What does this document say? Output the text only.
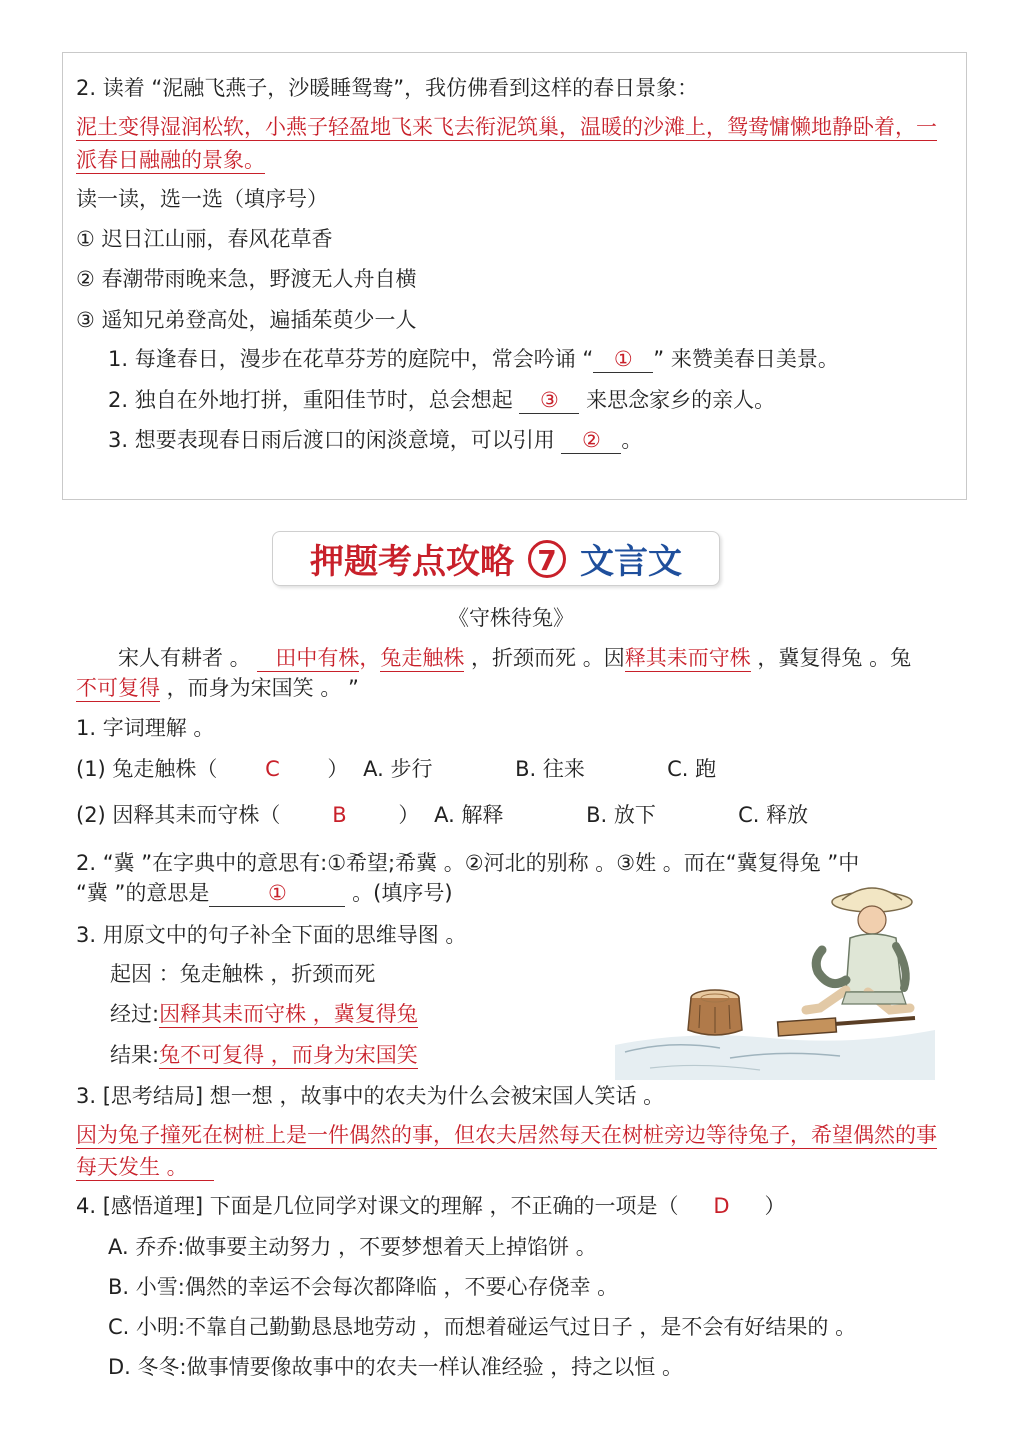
2. 读着 “泥融飞燕子，沙暖睡鸳鸯”，我仿佛看到这样的春日景象：
泥土变得湿润松软，小燕子轻盈地飞来飞去衔泥筑巢，温暖的沙滩上，鸳鸯慵懒地静卧着，一
派春日融融的景象。
读一读，选一选（填序号）
① 迟日江山丽，春风花草香
② 春潮带雨晚来急，野渡无人舟自横
③ 遥知兄弟登高处，遍插茱萸少一人
1. 每逢春日，漫步在花草芬芳的庭院中，常会吟诵 “ ① ” 来赞美春日美景。
2. 独自在外地打拼，重阳佳节时，总会想起 ③ 来思念家乡的亲人。
3. 想要表现春日雨后渡口的闲淡意境，可以引用 ② 。
押题考点攻略 7 文言文
《守株待兔》
宋人有耕者 。 田中有株，兔走触株 ，折颈而死 。因释其耒而守株 ，冀复得兔 。兔
不可复得 ，而身为宋国笑 。 ”
1. 字词理解 。
(1) 兔走触株（ C ） A. 步行	B. 往来	C. 跑
(2) 因释其耒而守株（ B ） A. 解释	B. 放下	C. 释放
2. “冀 ”在字典中的意思有:①希望;希冀 。②河北的别称 。③姓 。而在“冀复得兔 ”中
“冀 ”的意思是	①	。(填序号)
3. 用原文中的句子补全下面的思维导图 。
起因 ：兔走触株 ，折颈而死
经过:因释其耒而守株 ，冀复得兔
结果:兔不可复得 ，而身为宋国笑
3. [思考结局] 想一想 ，故事中的农夫为什么会被宋国人笑话 。
因为兔子撞死在树桩上是一件偶然的事，但农夫居然每天在树桩旁边等待兔子，希望偶然的事
每天发生 。
4. [感悟道理] 下面是几位同学对课文的理解 ，不正确的一项是（ D ）
A. 乔乔:做事要主动努力 ，不要梦想着天上掉馅饼 。
B. 小雪:偶然的幸运不会每次都降临 ，不要心存侥幸 。
C. 小明:不靠自己勤勤恳恳地劳动 ，而想着碰运气过日子 ，是不会有好结果的 。
D. 冬冬:做事情要像故事中的农夫一样认准经验 ，持之以恒 。
